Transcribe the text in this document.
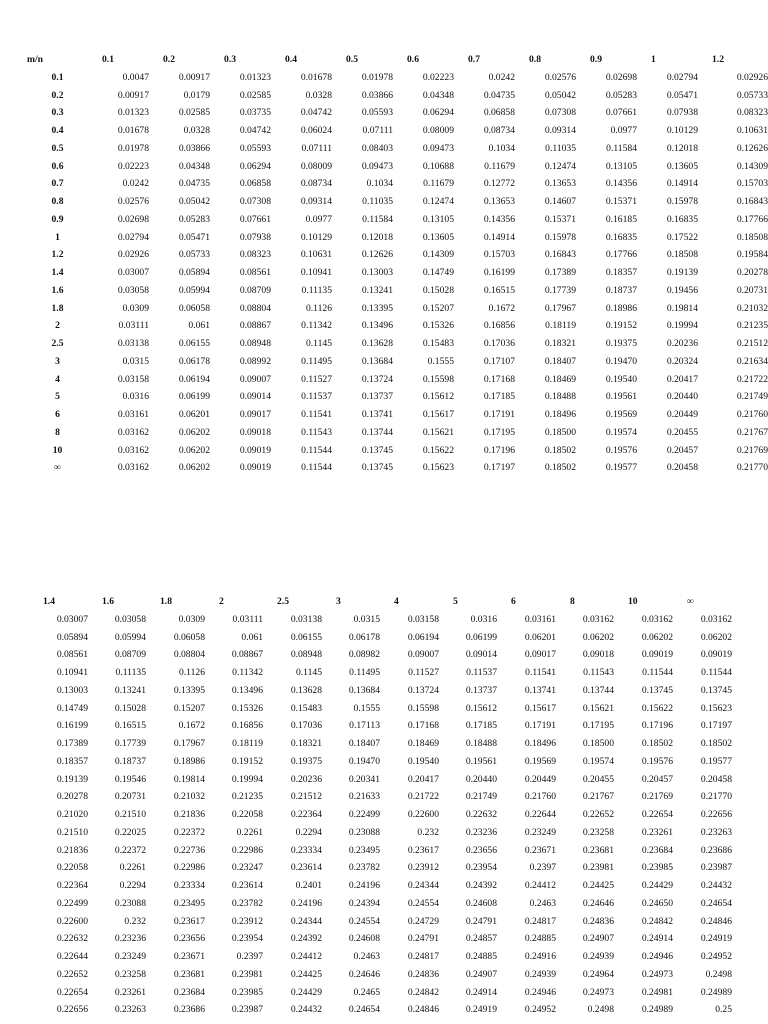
	m/n	0.1	0.2	0.3	0.4	0.5	0.6	0.7	0.8	0.9	1	1.2	
	0.1	0.0047	0.00917	0.01323	0.01678	0.01978	0.02223	0.0242	0.02576	0.02698	0.02794	0.02926	
	0.2	0.00917	0.0179	0.02585	0.0328	0.03866	0.04348	0.04735	0.05042	0.05283	0.05471	0.05733	
	0.3	0.01323	0.02585	0.03735	0.04742	0.05593	0.06294	0.06858	0.07308	0.07661	0.07938	0.08323	
	0.4	0.01678	0.0328	0.04742	0.06024	0.07111	0.08009	0.08734	0.09314	0.0977	0.10129	0.10631	
	0.5	0.01978	0.03866	0.05593	0.07111	0.08403	0.09473	0.1034	0.11035	0.11584	0.12018	0.12626	
	0.6	0.02223	0.04348	0.06294	0.08009	0.09473	0.10688	0.11679	0.12474	0.13105	0.13605	0.14309	
	0.7	0.0242	0.04735	0.06858	0.08734	0.1034	0.11679	0.12772	0.13653	0.14356	0.14914	0.15703	
	0.8	0.02576	0.05042	0.07308	0.09314	0.11035	0.12474	0.13653	0.14607	0.15371	0.15978	0.16843	
	0.9	0.02698	0.05283	0.07661	0.0977	0.11584	0.13105	0.14356	0.15371	0.16185	0.16835	0.17766	
	1	0.02794	0.05471	0.07938	0.10129	0.12018	0.13605	0.14914	0.15978	0.16835	0.17522	0.18508	
	1.2	0.02926	0.05733	0.08323	0.10631	0.12626	0.14309	0.15703	0.16843	0.17766	0.18508	0.19584	
	1.4	0.03007	0.05894	0.08561	0.10941	0.13003	0.14749	0.16199	0.17389	0.18357	0.19139	0.20278	
	1.6	0.03058	0.05994	0.08709	0.11135	0.13241	0.15028	0.16515	0.17739	0.18737	0.19456	0.20731	
	1.8	0.0309	0.06058	0.08804	0.1126	0.13395	0.15207	0.1672	0.17967	0.18986	0.19814	0.21032	
	2	0.03111	0.061	0.08867	0.11342	0.13496	0.15326	0.16856	0.18119	0.19152	0.19994	0.21235	
	2.5	0.03138	0.06155	0.08948	0.1145	0.13628	0.15483	0.17036	0.18321	0.19375	0.20236	0.21512	
	3	0.0315	0.06178	0.08992	0.11495	0.13684	0.1555	0.17107	0.18407	0.19470	0.20324	0.21634	
	4	0.03158	0.06194	0.09007	0.11527	0.13724	0.15598	0.17168	0.18469	0.19540	0.20417	0.21722	
	5	0.0316	0.06199	0.09014	0.11537	0.13737	0.15612	0.17185	0.18488	0.19561	0.20440	0.21749	
	6	0.03161	0.06201	0.09017	0.11541	0.13741	0.15617	0.17191	0.18496	0.19569	0.20449	0.21760	
	8	0.03162	0.06202	0.09018	0.11543	0.13744	0.15621	0.17195	0.18500	0.19574	0.20455	0.21767	
	10	0.03162	0.06202	0.09019	0.11544	0.13745	0.15622	0.17196	0.18502	0.19576	0.20457	0.21769	
	∞	0.03162	0.06202	0.09019	0.11544	0.13745	0.15623	0.17197	0.18502	0.19577	0.20458	0.21770	
	1.4	1.6	1.8	2	2.5	3	4	5	6	8	10	∞	
	0.03007	0.03058	0.0309	0.03111	0.03138	0.0315	0.03158	0.0316	0.03161	0.03162	0.03162	0.03162	
	0.05894	0.05994	0.06058	0.061	0.06155	0.06178	0.06194	0.06199	0.06201	0.06202	0.06202	0.06202	
	0.08561	0.08709	0.08804	0.08867	0.08948	0.08982	0.09007	0.09014	0.09017	0.09018	0.09019	0.09019	
	0.10941	0.11135	0.1126	0.11342	0.1145	0.11495	0.11527	0.11537	0.11541	0.11543	0.11544	0.11544	
	0.13003	0.13241	0.13395	0.13496	0.13628	0.13684	0.13724	0.13737	0.13741	0.13744	0.13745	0.13745	
	0.14749	0.15028	0.15207	0.15326	0.15483	0.1555	0.15598	0.15612	0.15617	0.15621	0.15622	0.15623	
	0.16199	0.16515	0.1672	0.16856	0.17036	0.17113	0.17168	0.17185	0.17191	0.17195	0.17196	0.17197	
	0.17389	0.17739	0.17967	0.18119	0.18321	0.18407	0.18469	0.18488	0.18496	0.18500	0.18502	0.18502	
	0.18357	0.18737	0.18986	0.19152	0.19375	0.19470	0.19540	0.19561	0.19569	0.19574	0.19576	0.19577	
	0.19139	0.19546	0.19814	0.19994	0.20236	0.20341	0.20417	0.20440	0.20449	0.20455	0.20457	0.20458	
	0.20278	0.20731	0.21032	0.21235	0.21512	0.21633	0.21722	0.21749	0.21760	0.21767	0.21769	0.21770	
	0.21020	0.21510	0.21836	0.22058	0.22364	0.22499	0.22600	0.22632	0.22644	0.22652	0.22654	0.22656	
	0.21510	0.22025	0.22372	0.2261	0.2294	0.23088	0.232	0.23236	0.23249	0.23258	0.23261	0.23263	
	0.21836	0.22372	0.22736	0.22986	0.23334	0.23495	0.23617	0.23656	0.23671	0.23681	0.23684	0.23686	
	0.22058	0.2261	0.22986	0.23247	0.23614	0.23782	0.23912	0.23954	0.2397	0.23981	0.23985	0.23987	
	0.22364	0.2294	0.23334	0.23614	0.2401	0.24196	0.24344	0.24392	0.24412	0.24425	0.24429	0.24432	
	0.22499	0.23088	0.23495	0.23782	0.24196	0.24394	0.24554	0.24608	0.2463	0.24646	0.24650	0.24654	
	0.22600	0.232	0.23617	0.23912	0.24344	0.24554	0.24729	0.24791	0.24817	0.24836	0.24842	0.24846	
	0.22632	0.23236	0.23656	0.23954	0.24392	0.24608	0.24791	0.24857	0.24885	0.24907	0.24914	0.24919	
	0.22644	0.23249	0.23671	0.2397	0.24412	0.2463	0.24817	0.24885	0.24916	0.24939	0.24946	0.24952	
	0.22652	0.23258	0.23681	0.23981	0.24425	0.24646	0.24836	0.24907	0.24939	0.24964	0.24973	0.2498	
	0.22654	0.23261	0.23684	0.23985	0.24429	0.2465	0.24842	0.24914	0.24946	0.24973	0.24981	0.24989	
	0.22656	0.23263	0.23686	0.23987	0.24432	0.24654	0.24846	0.24919	0.24952	0.2498	0.24989	0.25	
